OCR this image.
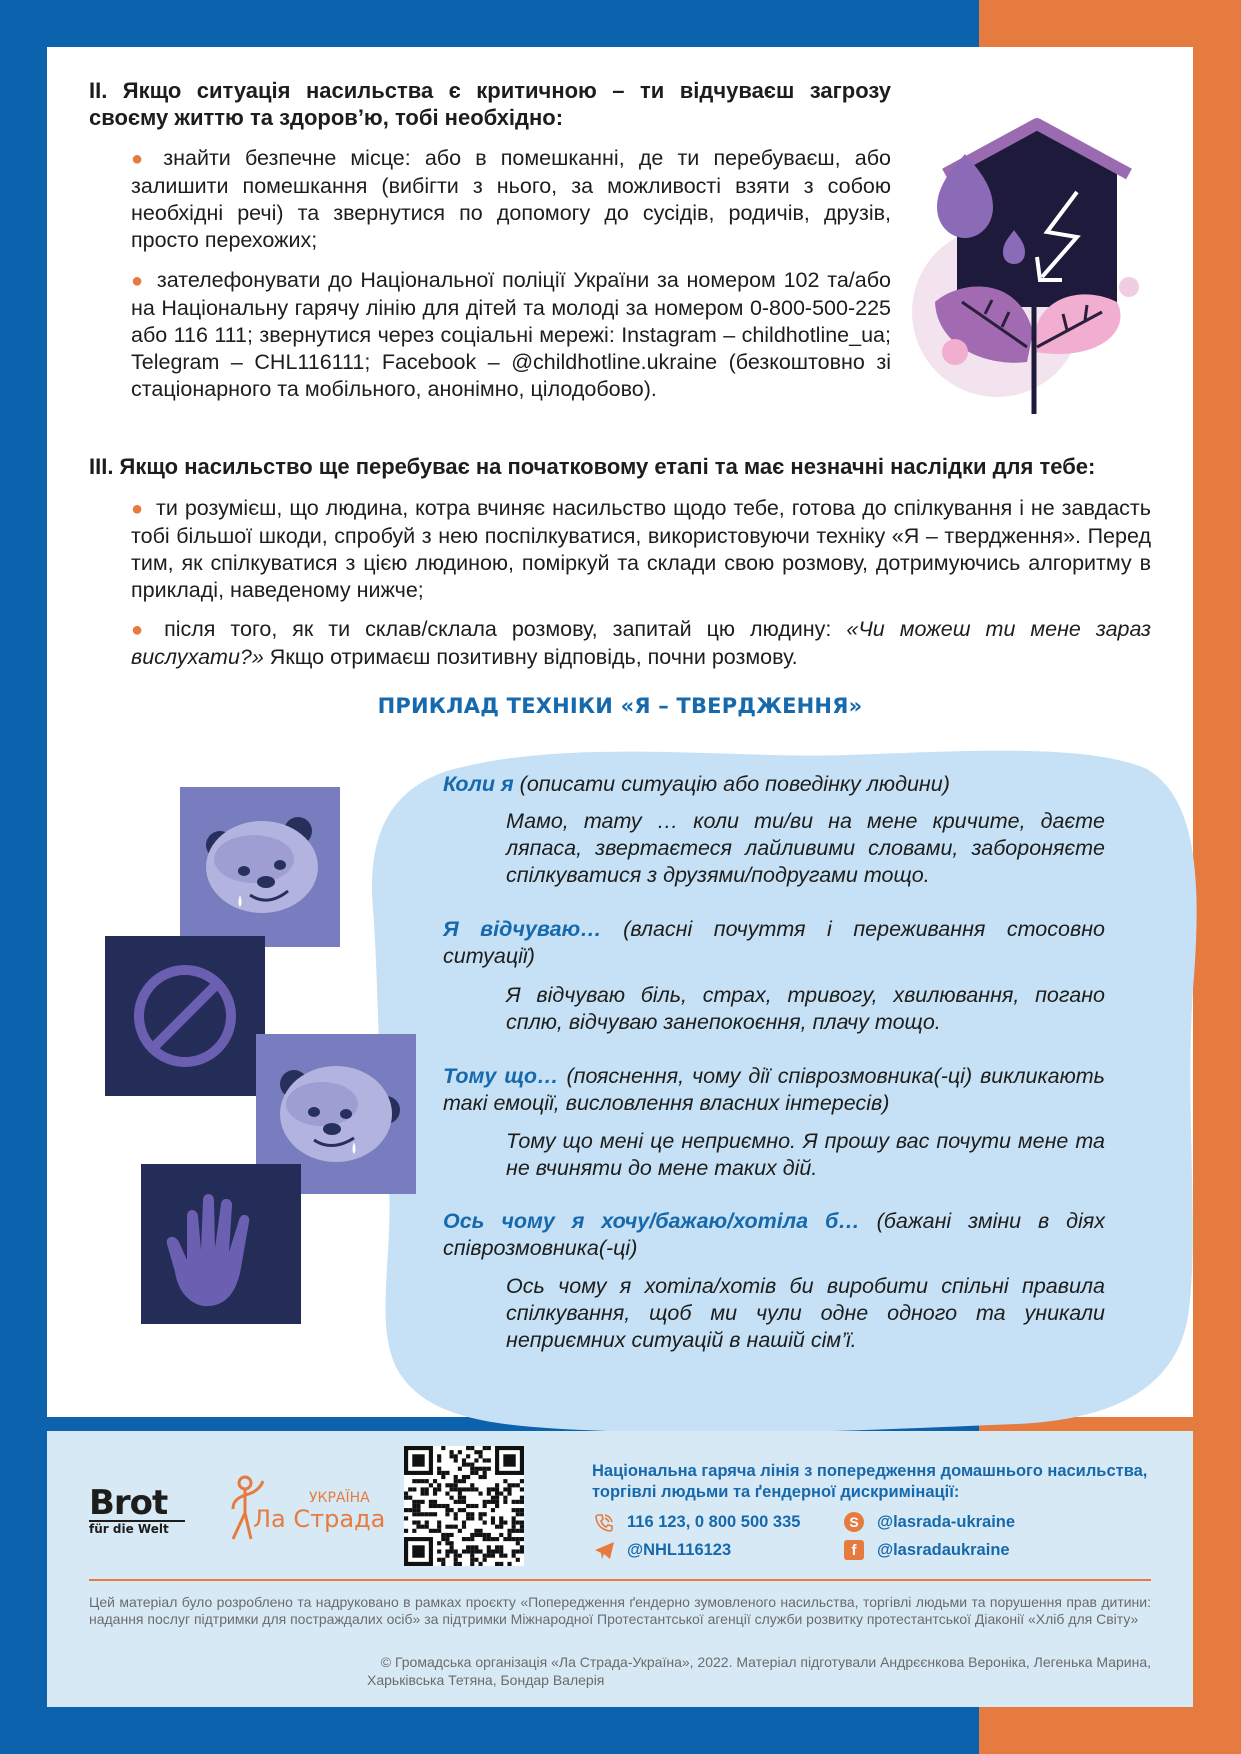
II. Якщо ситуація насильства є критичною – ти відчуваєш загрозу своєму життю та здоров’ю, тобі необхідно:

● знайти безпечне місце: або в помешканні, де ти перебуваєш, або залишити помешкання (вибігти з нього, за можливості взяти з собою необхідні речі) та звернутися по допомогу до сусідів, родичів, друзів, просто перехожих;

● зателефонувати до Національної поліції України за номером 102 та/або на Національну гарячу лінію для дітей та молоді за номером 0-800-500-225 або 116 111; звернутися через соціальні мережі: Instagram – childhotline_ua; Telegram – CHL116111; Facebook – @childhotline.ukraine (безкоштовно зі стаціонарного та мобільного, анонімно, цілодобово).

III. Якщо насильство ще перебуває на початковому етапі та має незначні наслідки для тебе:

● ти розумієш, що людина, котра вчиняє насильство щодо тебе, готова до спілкування і не завдасть тобі більшої шкоди, спробуй з нею поспілкуватися, використовуючи техніку «Я – твердження». Перед тим, як спілкуватися з цією людиною, поміркуй та склади свою розмову, дотримуючись алгоритму в прикладі, наведеному нижче;

● після того, як ти склав/склала розмову, запитай цю людину: «Чи можеш ти мене зараз вислухати?» Якщо отримаєш позитивну відповідь, почни розмову.

ПРИКЛАД ТЕХНІКИ «Я – ТВЕРДЖЕННЯ»

Коли я (описати ситуацію або поведінку людини)

Мамо, тату … коли ти/ви на мене кричите, даєте ляпаса, звертаєтеся лайливими словами, забороняєте спілкуватися з друзями/подругами тощо.

Я відчуваю… (власні почуття і переживання стосовно ситуації)

Я відчуваю біль, страх, тривогу, хвилювання, погано сплю, відчуваю занепокоєння, плачу тощо.

Тому що… (пояснення, чому дії співрозмовника(-ці) викликають такі емоції, висловлення власних інтересів)

Тому що мені це неприємно. Я прошу вас почути мене та не вчиняти до мене таких дій.

Ось чому я хочу/бажаю/хотіла б… (бажані зміни в діях співрозмовника(-ці)

Ось чому я хотіла/хотів би виробити спільні правила спілкування, щоб ми чули одне одного та уникали неприємних ситуацій в нашій сім’ї.

Brot
für die Welt
УКРАЇНА
Ла Страда
Національна гаряча лінія з попередження домашнього насильства, торгівлі людьми та ґендерної дискримінації:
116 123, 0 800 500 335
@NHL116123
S	@lasrada-ukraine
f	@lasradaukraine

Цей матеріал було розроблено та надруковано в рамках проєкту «Попередження ґендерно зумовленого насильства, торгівлі людьми та порушення прав дитини: надання послуг підтримки для постраждалих осіб» за підтримки Міжнародної Протестантської агенції служби розвитку протестантської Діаконії «Хліб для Світу»

© Громадська організація «Ла Страда-Україна», 2022. Матеріал підготували Андрєєнкова Вероніка, Легенька Марина,

Харьківська Тетяна, Бондар Валерія
